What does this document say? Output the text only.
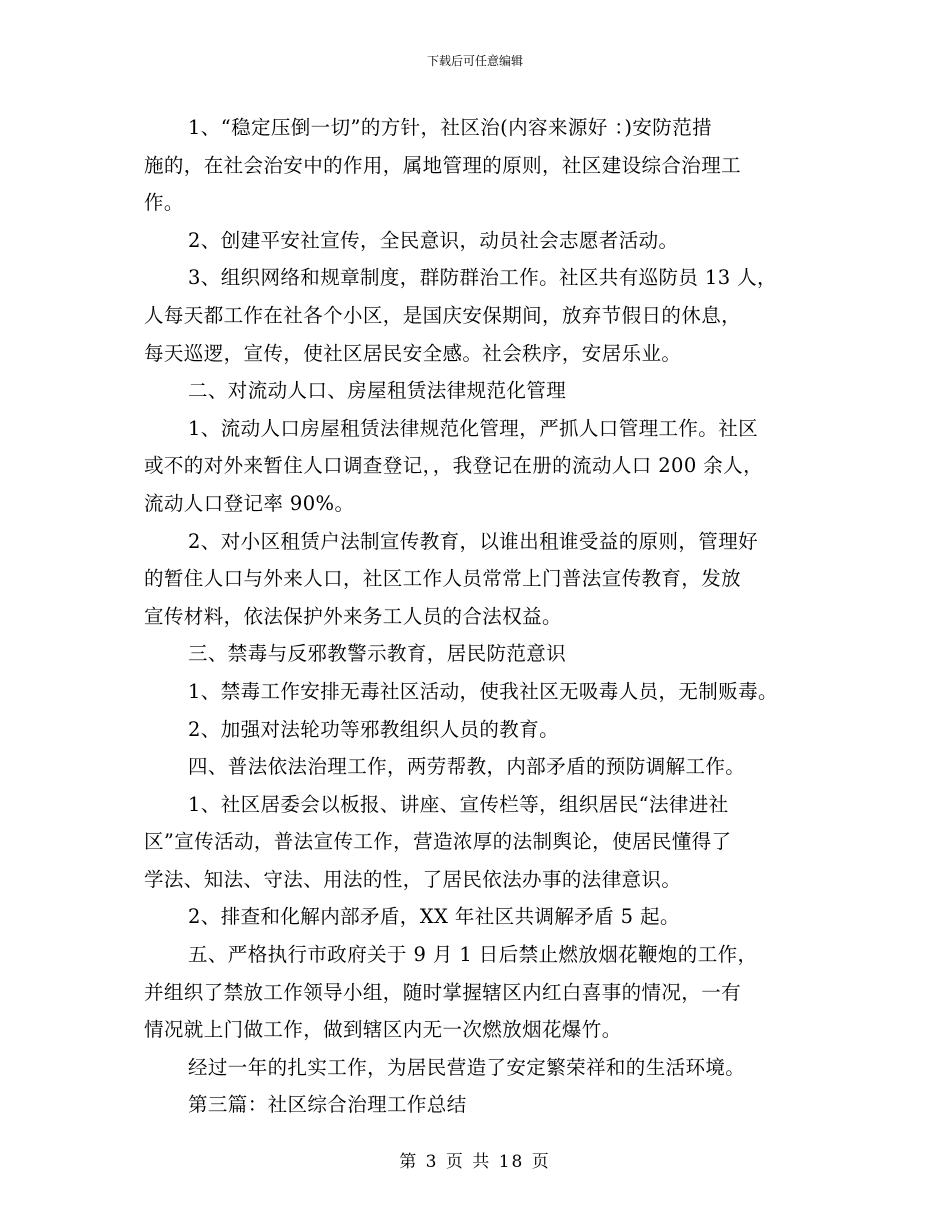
下载后可任意编辑
1、“稳定压倒一切”的方针，社区治(内容来源好 ：)安防范措
施的，在社会治安中的作用，属地管理的原则，社区建设综合治理工
作。
2、创建平安社宣传，全民意识，动员社会志愿者活动。
3、组织网络和规章制度，群防群治工作。社区共有巡防员 13 人，
人每天都工作在社各个小区，是国庆安保期间，放弃节假日的休息，
每天巡逻，宣传，使社区居民安全感。社会秩序，安居乐业。
二、对流动人口、房屋租赁法律规范化管理
1、流动人口房屋租赁法律规范化管理，严抓人口管理工作。社区
或不的对外来暂住人口调查登记，，我登记在册的流动人口 200 余人，
流动人口登记率 90%。
2、对小区租赁户法制宣传教育，以谁出租谁受益的原则，管理好
的暂住人口与外来人口，社区工作人员常常上门普法宣传教育，发放
宣传材料，依法保护外来务工人员的合法权益。
三、禁毒与反邪教警示教育，居民防范意识
1、禁毒工作安排无毒社区活动，使我社区无吸毒人员，无制贩毒。
2、加强对法轮功等邪教组织人员的教育。
四、普法依法治理工作，两劳帮教，内部矛盾的预防调解工作。
1、社区居委会以板报、讲座、宣传栏等，组织居民“法律进社
区”宣传活动，普法宣传工作，营造浓厚的法制舆论，使居民懂得了
学法、知法、守法、用法的性，了居民依法办事的法律意识。
2、排查和化解内部矛盾，XX 年社区共调解矛盾 5 起。
五、严格执行市政府关于 9 月 1 日后禁止燃放烟花鞭炮的工作，
并组织了禁放工作领导小组，随时掌握辖区内红白喜事的情况，一有
情况就上门做工作，做到辖区内无一次燃放烟花爆竹。
经过一年的扎实工作，为居民营造了安定繁荣祥和的生活环境。
第三篇：社区综合治理工作总结
第 3 页 共 18 页
